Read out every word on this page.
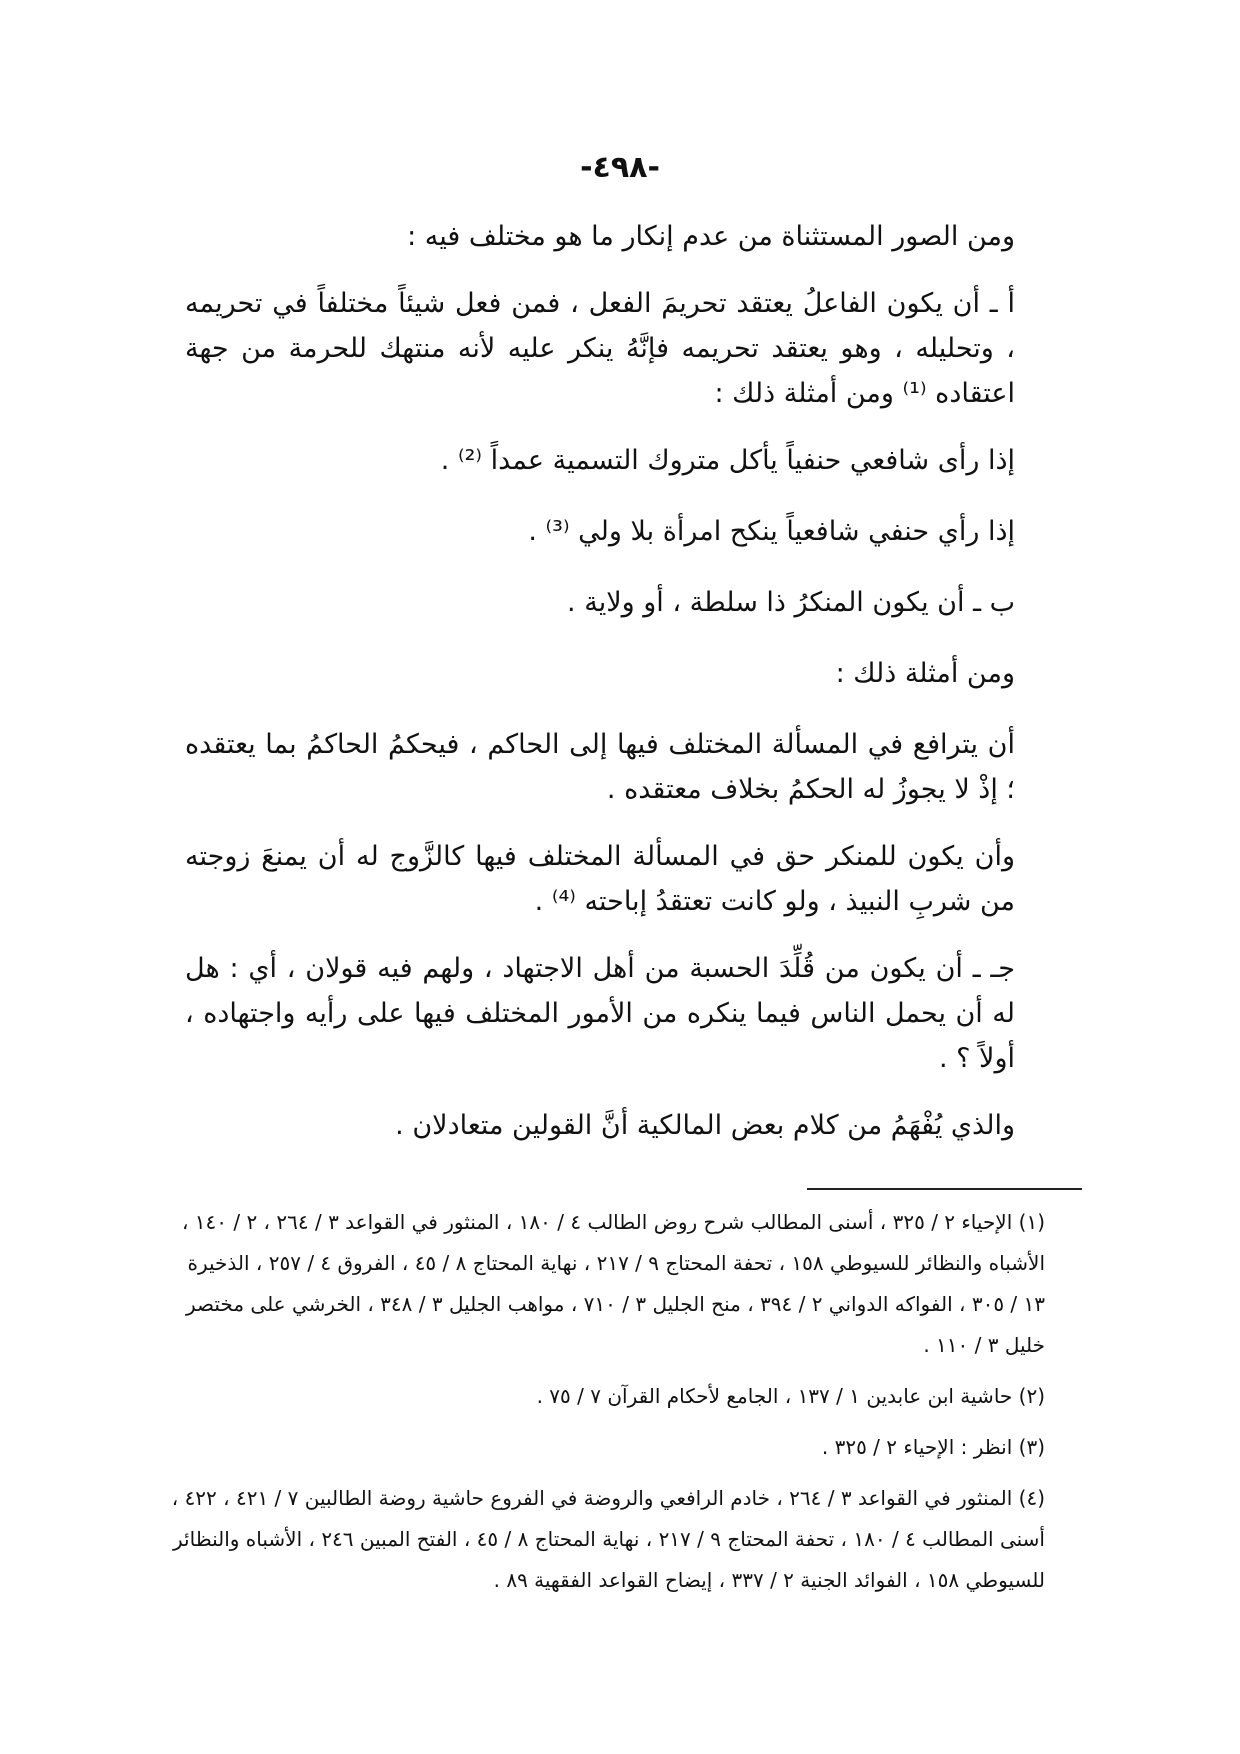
-٤٩٨-

ومن الصور المستثناة من عدم إنكار ما هو مختلف فيه :

أ ـ أن يكون الفاعلُ يعتقد تحريمَ الفعل ، فمن فعل شيئاً مختلفاً في تحريمه ، وتحليله ، وهو يعتقد تحريمه فإنَّهُ ينكر عليه لأنه منتهك للحرمة من جهة اعتقاده ⁽¹⁾ ومن أمثلة ذلك :

إذا رأى شافعي حنفياً يأكل متروك التسمية عمداً ⁽²⁾ .

إذا رأي حنفي شافعياً ينكح امرأة بلا ولي ⁽³⁾ .

ب ـ أن يكون المنكرُ ذا سلطة ، أو ولاية .

ومن أمثلة ذلك :

أن يترافع في المسألة المختلف فيها إلى الحاكم ، فيحكمُ الحاكمُ بما يعتقده ؛ إذْ لا يجوزُ له الحكمُ بخلاف معتقده .

وأن يكون للمنكر حق في المسألة المختلف فيها كالزَّوج له أن يمنعَ زوجته من شربِ النبيذ ، ولو كانت تعتقدُ إباحته ⁽⁴⁾ .

جـ ـ أن يكون من قُلِّدَ الحسبة من أهل الاجتهاد ، ولهم فيه قولان ، أي : هل له أن يحمل الناس فيما ينكره من الأمور المختلف فيها على رأيه واجتهاده ، أولاً ؟ .

والذي يُفْهَمُ من كلام بعض المالكية أنَّ القولين متعادلان .

(١) الإحياء ٢ / ٣٢٥ ، أسنى المطالب شرح روض الطالب ٤ / ١٨٠ ، المنثور في القواعد ٣ / ٢٦٤ ، ٢ / ١٤٠ ، الأشباه والنظائر للسيوطي ١٥٨ ، تحفة المحتاج ٩ / ٢١٧ ، نهاية المحتاج ٨ / ٤٥ ، الفروق ٤ / ٢٥٧ ، الذخيرة ١٣ / ٣٠٥ ، الفواكه الدواني ٢ / ٣٩٤ ، منح الجليل ٣ / ٧١٠ ، مواهب الجليل ٣ / ٣٤٨ ، الخرشي على مختصر خليل ٣ / ١١٠ .

(٢) حاشية ابن عابدين ١ / ١٣٧ ، الجامع لأحكام القرآن ٧ / ٧٥ .

(٣) انظر : الإحياء ٢ / ٣٢٥ .

(٤) المنثور في القواعد ٣ / ٢٦٤ ، خادم الرافعي والروضة في الفروع حاشية روضة الطالبين ٧ / ٤٢١ ، ٤٢٢ ، أسنى المطالب ٤ / ١٨٠ ، تحفة المحتاج ٩ / ٢١٧ ، نهاية المحتاج ٨ / ٤٥ ، الفتح المبين ٢٤٦ ، الأشباه والنظائر للسيوطي ١٥٨ ، الفوائد الجنية ٢ / ٣٣٧ ، إيضاح القواعد الفقهية ٨٩ .
